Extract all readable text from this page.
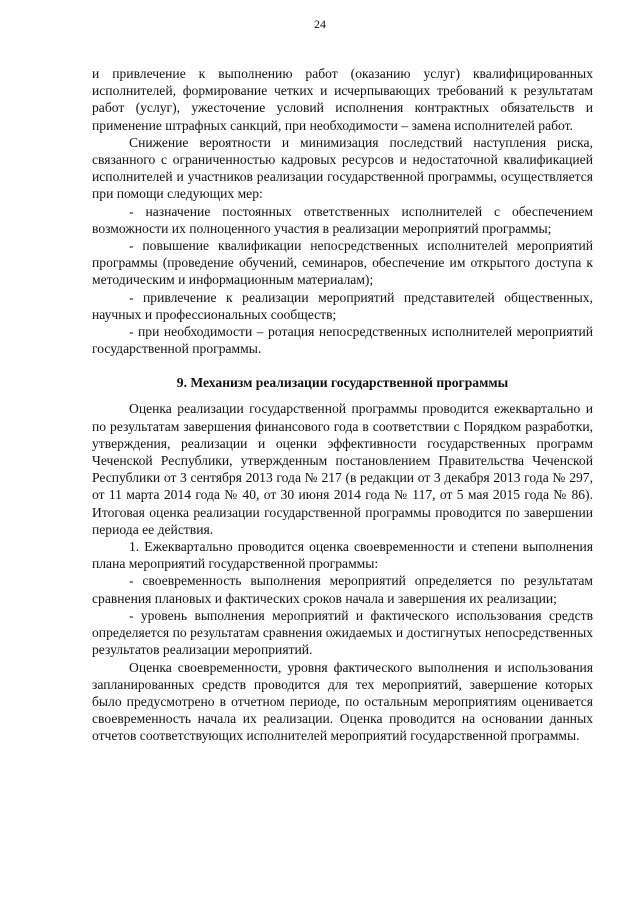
24

и привлечение к выполнению работ (оказанию услуг) квалифицированных исполнителей, формирование четких и исчерпывающих требований к результатам работ (услуг), ужесточение условий исполнения контрактных обязательств и применение штрафных санкций, при необходимости – замена исполнителей работ.

Снижение вероятности и минимизация последствий наступления риска, связанного с ограниченностью кадровых ресурсов и недостаточной квалификацией исполнителей и участников реализации государственной программы, осуществляется при помощи следующих мер:

- назначение постоянных ответственных исполнителей с обеспечением возможности их полноценного участия в реализации мероприятий программы;

- повышение квалификации непосредственных исполнителей мероприятий программы (проведение обучений, семинаров, обеспечение им открытого доступа к методическим и информационным материалам);

- привлечение к реализации мероприятий представителей общественных, научных и профессиональных сообществ;

- при необходимости – ротация непосредственных исполнителей мероприятий государственной программы.

9. Механизм реализации государственной программы

Оценка реализации государственной программы проводится ежеквартально и по результатам завершения финансового года в соответствии с Порядком разработки, утверждения, реализации и оценки эффективности государственных программ Чеченской Республики, утвержденным постановлением Правительства Чеченской Республики от 3 сентября 2013 года № 217 (в редакции от 3 декабря 2013 года № 297, от 11 марта 2014 года № 40, от 30 июня 2014 года № 117, от 5 мая 2015 года № 86). Итоговая оценка реализации государственной программы проводится по завершении периода ее действия.

1. Ежеквартально проводится оценка своевременности и степени выполнения плана мероприятий государственной программы:

- своевременность выполнения мероприятий определяется по результатам сравнения плановых и фактических сроков начала и завершения их реализации;

- уровень выполнения мероприятий и фактического использования средств определяется по результатам сравнения ожидаемых и достигнутых непосредственных результатов реализации мероприятий.

Оценка своевременности, уровня фактического выполнения и использования запланированных средств проводится для тех мероприятий, завершение которых было предусмотрено в отчетном периоде, по остальным мероприятиям оценивается своевременность начала их реализации. Оценка проводится на основании данных отчетов соответствующих исполнителей мероприятий государственной программы.
